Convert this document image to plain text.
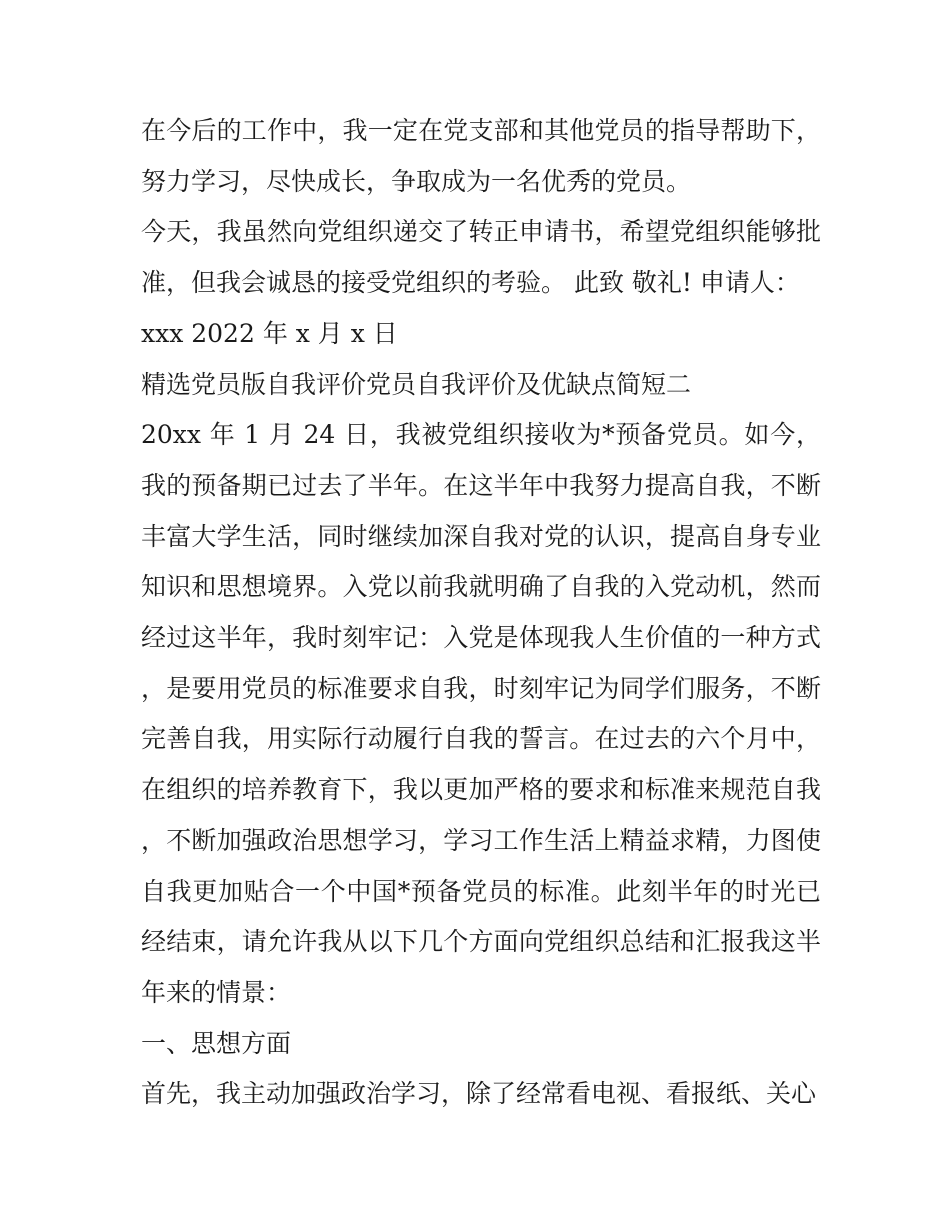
在今后的工作中，我一定在党支部和其他党员的指导帮助下，努力学习，尽快成长，争取成为一名优秀的党员。

今天，我虽然向党组织递交了转正申请书，希望党组织能够批准，但我会诚恳的接受党组织的考验。 此致 敬礼! 申请人：

xxx 2022 年 x 月 x 日

精选党员版自我评价党员自我评价及优缺点简短二

20xx 年 1 月 24 日，我被党组织接收为*预备党员。如今，我的预备期已过去了半年。在这半年中我努力提高自我，不断丰富大学生活，同时继续加深自我对党的认识，提高自身专业知识和思想境界。入党以前我就明确了自我的入党动机，然而经过这半年，我时刻牢记：入党是体现我人生价值的一种方式，是要用党员的标准要求自我，时刻牢记为同学们服务，不断完善自我，用实际行动履行自我的誓言。在过去的六个月中，在组织的培养教育下，我以更加严格的要求和标准来规范自我，不断加强政治思想学习，学习工作生活上精益求精，力图使自我更加贴合一个中国*预备党员的标准。此刻半年的时光已经结束，请允许我从以下几个方面向党组织总结和汇报我这半年来的情景：

一、思想方面

首先，我主动加强政治学习，除了经常看电视、看报纸、关心
